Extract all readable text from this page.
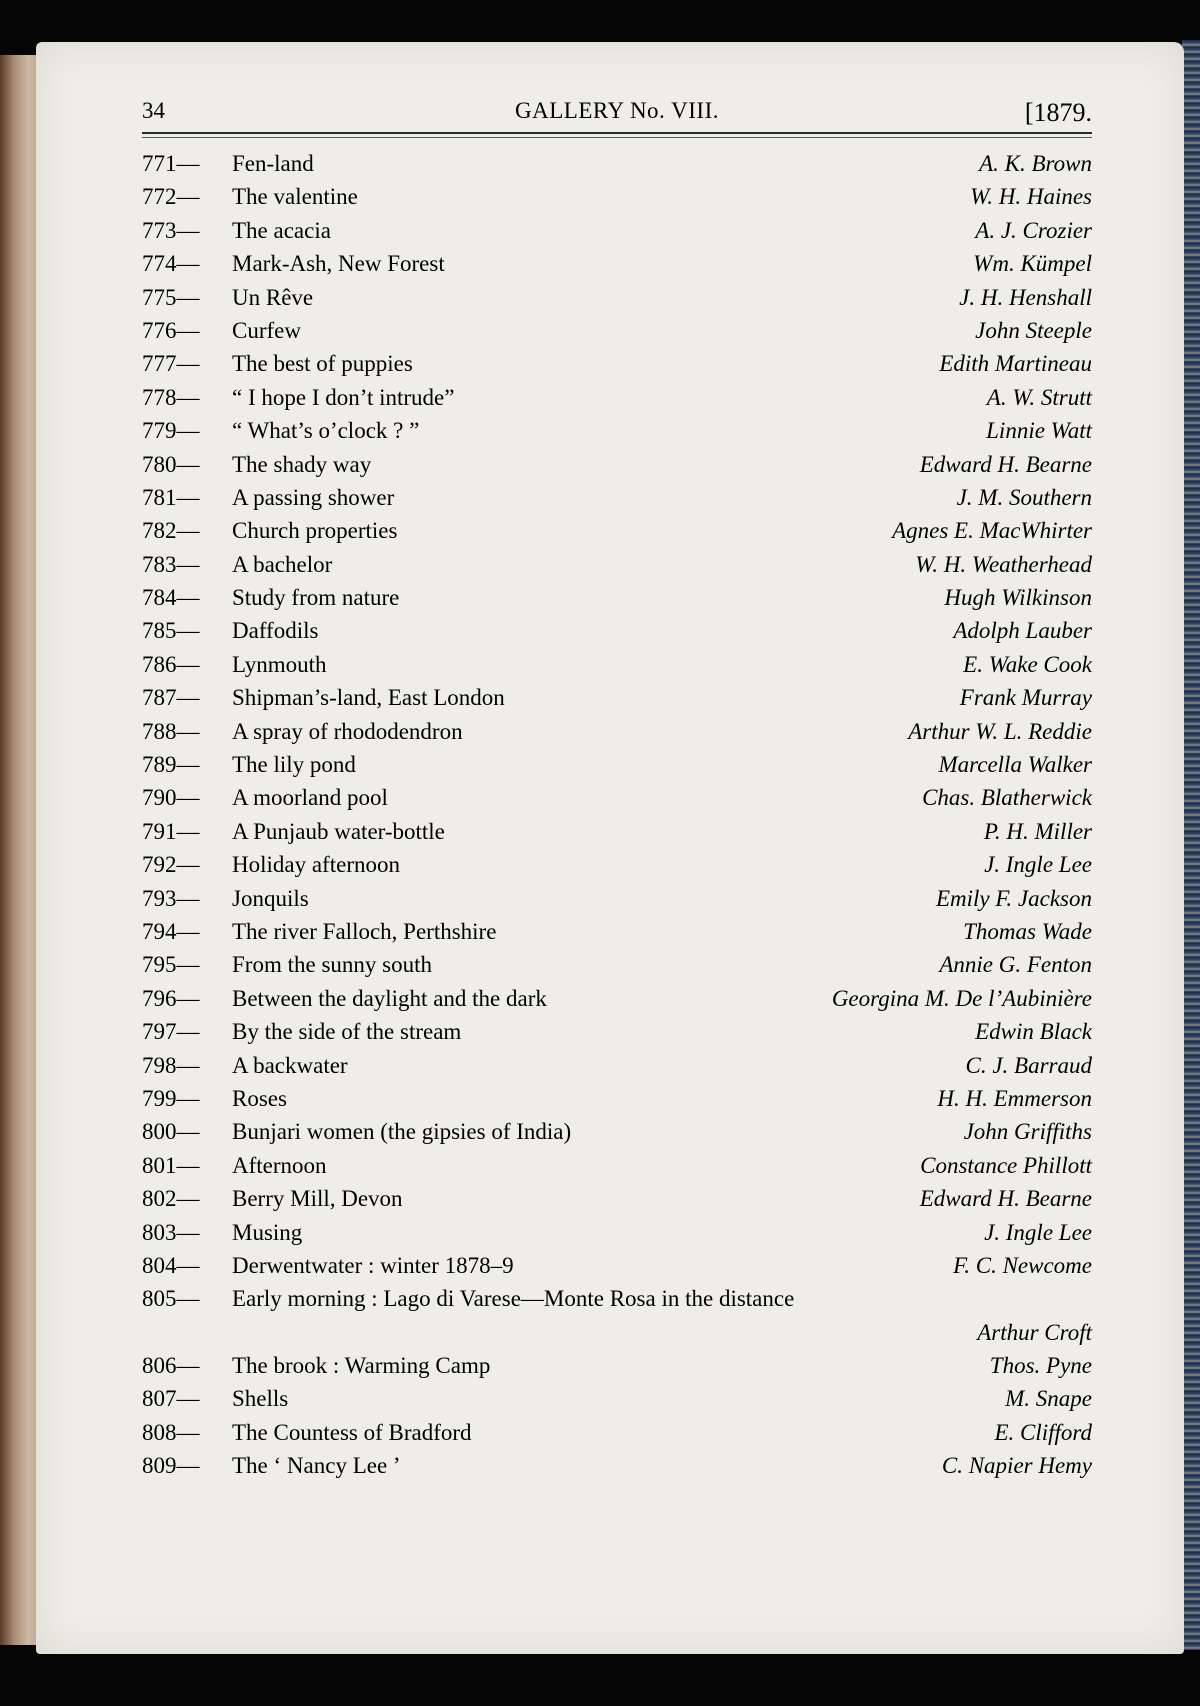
34	GALLERY No. VIII.	[1879.
771— Fen-land	A. K. Brown
772— The valentine	W. H. Haines
773— The acacia	A. J. Crozier
774— Mark-Ash, New Forest	Wm. Kümpel
775— Un Rêve	J. H. Henshall
776— Curfew	John Steeple
777— The best of puppies	Edith Martineau
778— “ I hope I don’t intrude”	A. W. Strutt
779— “ What’s o’clock ? ”	Linnie Watt
780— The shady way	Edward H. Bearne
781— A passing shower	J. M. Southern
782— Church properties	Agnes E. MacWhirter
783— A bachelor	W. H. Weatherhead
784— Study from nature	Hugh Wilkinson
785— Daffodils	Adolph Lauber
786— Lynmouth	E. Wake Cook
787— Shipman’s-land, East London	Frank Murray
788— A spray of rhododendron	Arthur W. L. Reddie
789— The lily pond	Marcella Walker
790— A moorland pool	Chas. Blatherwick
791— A Punjaub water-bottle	P. H. Miller
792— Holiday afternoon	J. Ingle Lee
793— Jonquils	Emily F. Jackson
794— The river Falloch, Perthshire	Thomas Wade
795— From the sunny south	Annie G. Fenton
796— Between the daylight and the dark	Georgina M. De l’Aubinière
797— By the side of the stream	Edwin Black
798— A backwater	C. J. Barraud
799— Roses	H. H. Emmerson
800— Bunjari women (the gipsies of India)	John Griffiths
801— Afternoon	Constance Phillott
802— Berry Mill, Devon	Edward H. Bearne
803— Musing	J. Ingle Lee
804— Derwentwater : winter 1878–9	F. C. Newcome
805— Early morning : Lago di Varese—Monte Rosa in the distance
Arthur Croft
806— The brook : Warming Camp	Thos. Pyne
807— Shells	M. Snape
808— The Countess of Bradford	E. Clifford
809— The ‘ Nancy Lee ’	C. Napier Hemy
